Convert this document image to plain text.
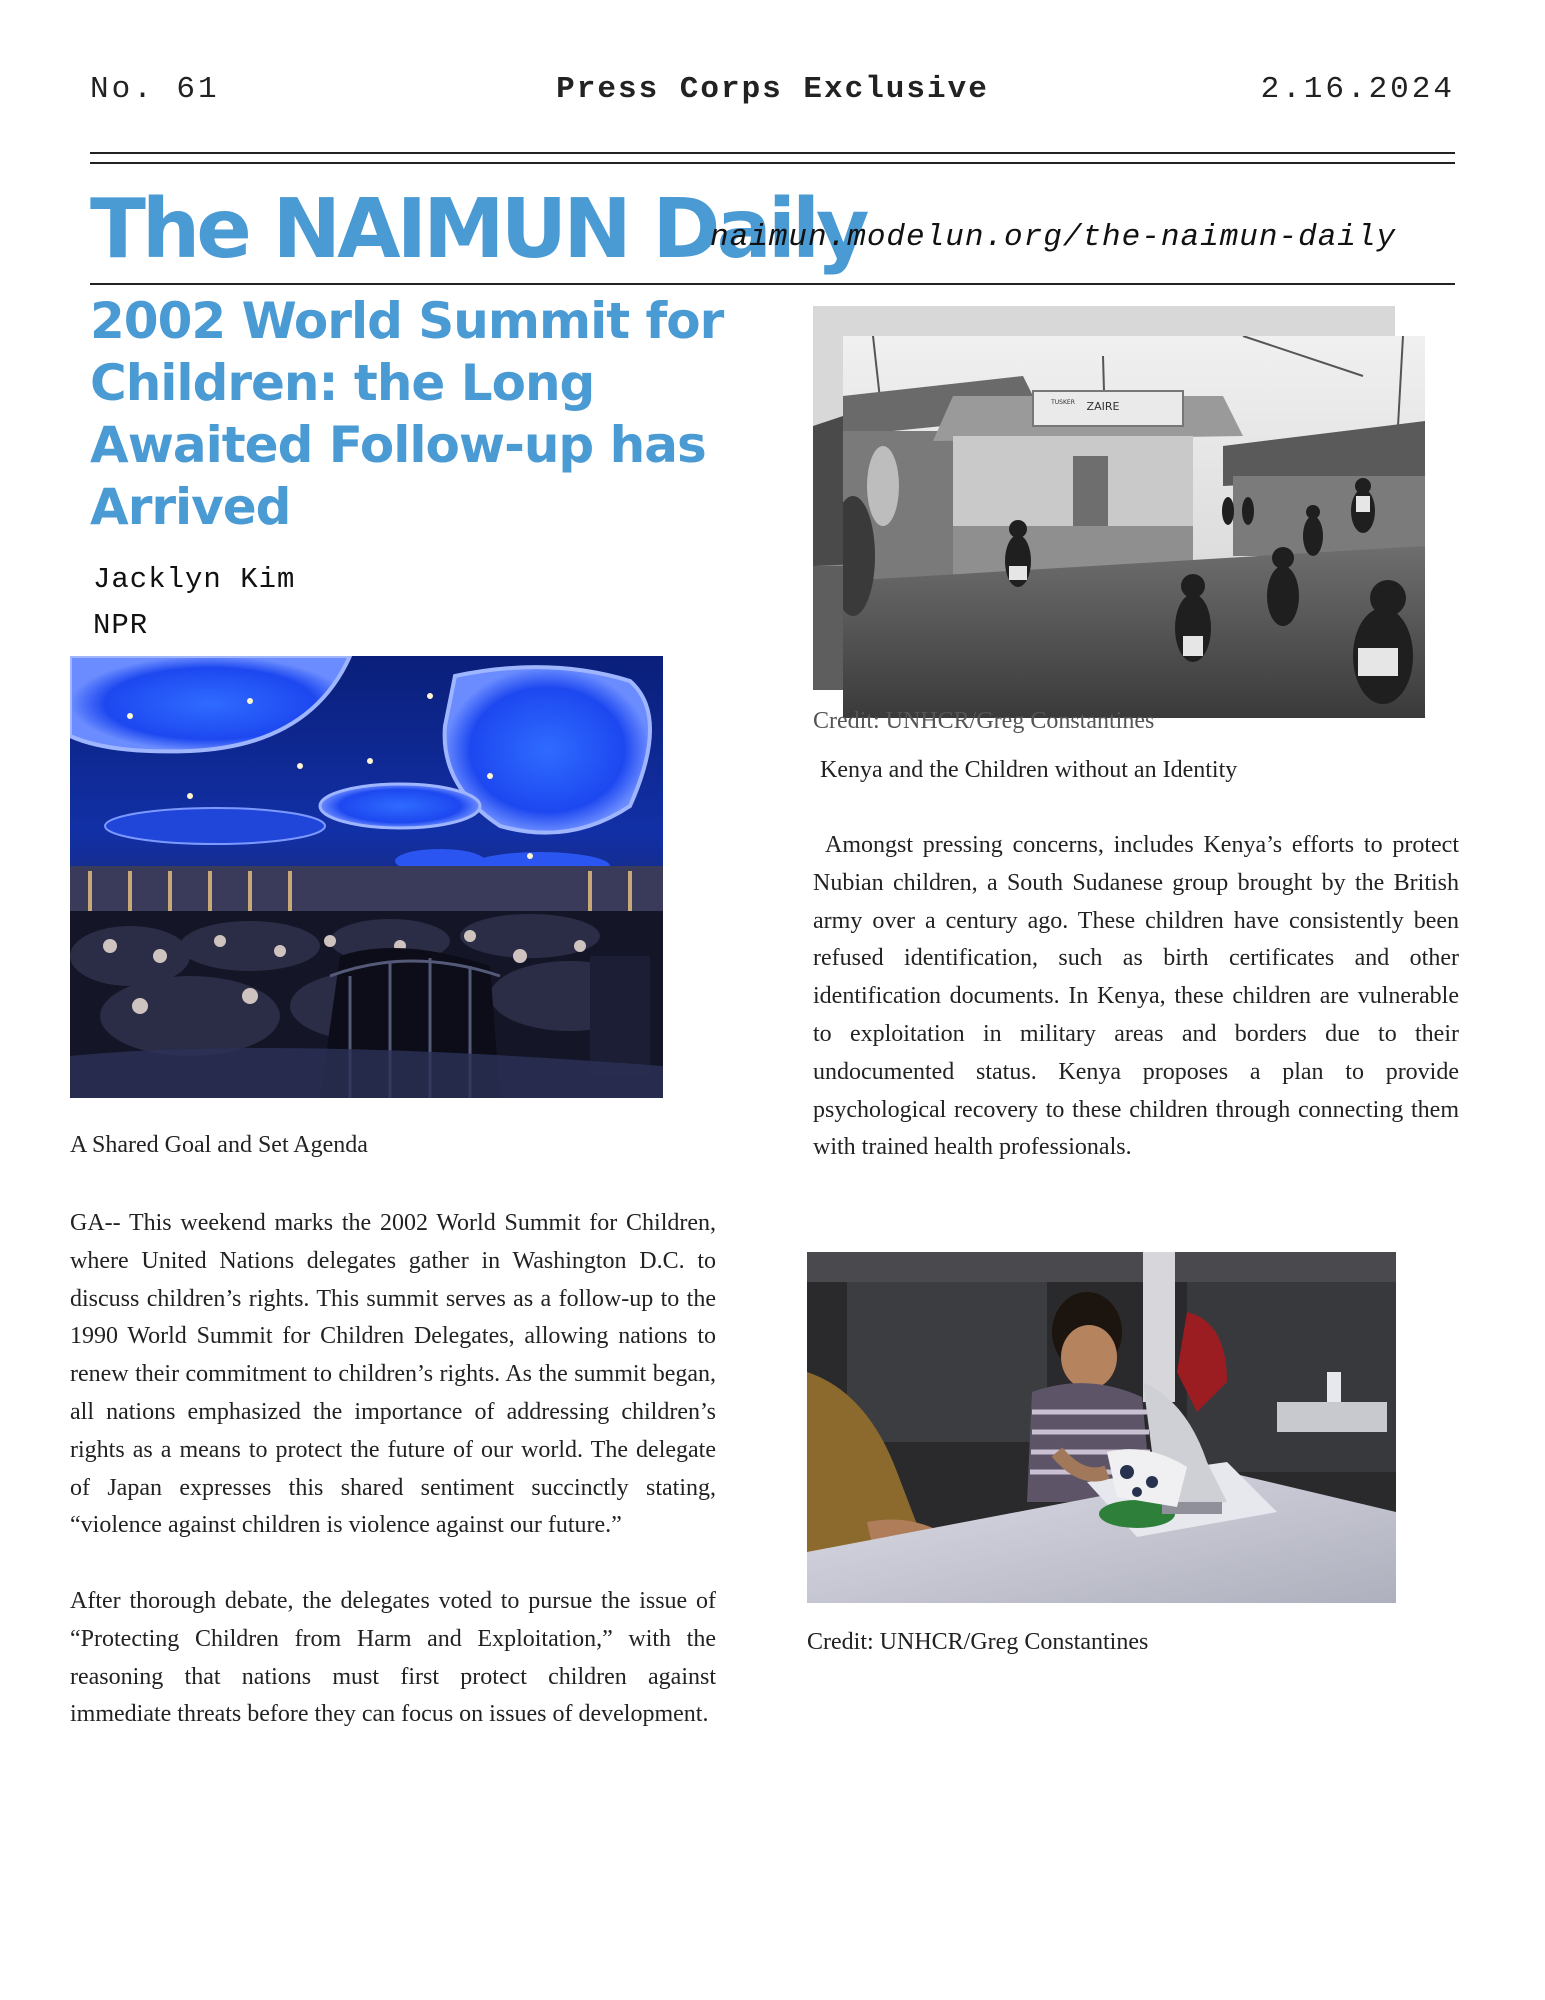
No. 61	Press Corps Exclusive	2.16.2024
The NAIMUN Daily
naimun.modelun.org/the-naimun-daily
2002 World Summit for Children: the Long Awaited Follow-up has Arrived
Jacklyn Kim
NPR
A Shared Goal and Set Agenda

GA-- This weekend marks the 2002 World Summit for Children, where United Nations delegates gather in Washington D.C. to discuss children’s rights. This summit serves as a follow-up to the 1990 World Summit for Children Delegates, allowing nations to renew their commitment to children’s rights. As the summit began, all nations emphasized the importance of addressing children’s rights as a means to protect the future of our world. The delegate of Japan expresses this shared sentiment succinctly stating, “violence against children is violence against our future.”

After thorough debate, the delegates voted to pursue the issue of “Protecting Children from Harm and Exploitation,” with the reasoning that nations must first protect children against immediate threats before they can focus on issues of development.

ZAIRE
TUSKER
Credit: UNHCR/Greg Constantines
Kenya and the Children without an Identity

Amongst pressing concerns, includes Kenya’s efforts to protect Nubian children, a South Sudanese group brought by the British army over a century ago. These children have consistently been refused identification, such as birth certificates and other identification documents. In Kenya, these children are vulnerable to exploitation in military areas and borders due to their undocumented status. Kenya proposes a plan to provide psychological recovery to these children through connecting them with trained health professionals.

Credit: UNHCR/Greg Constantines
